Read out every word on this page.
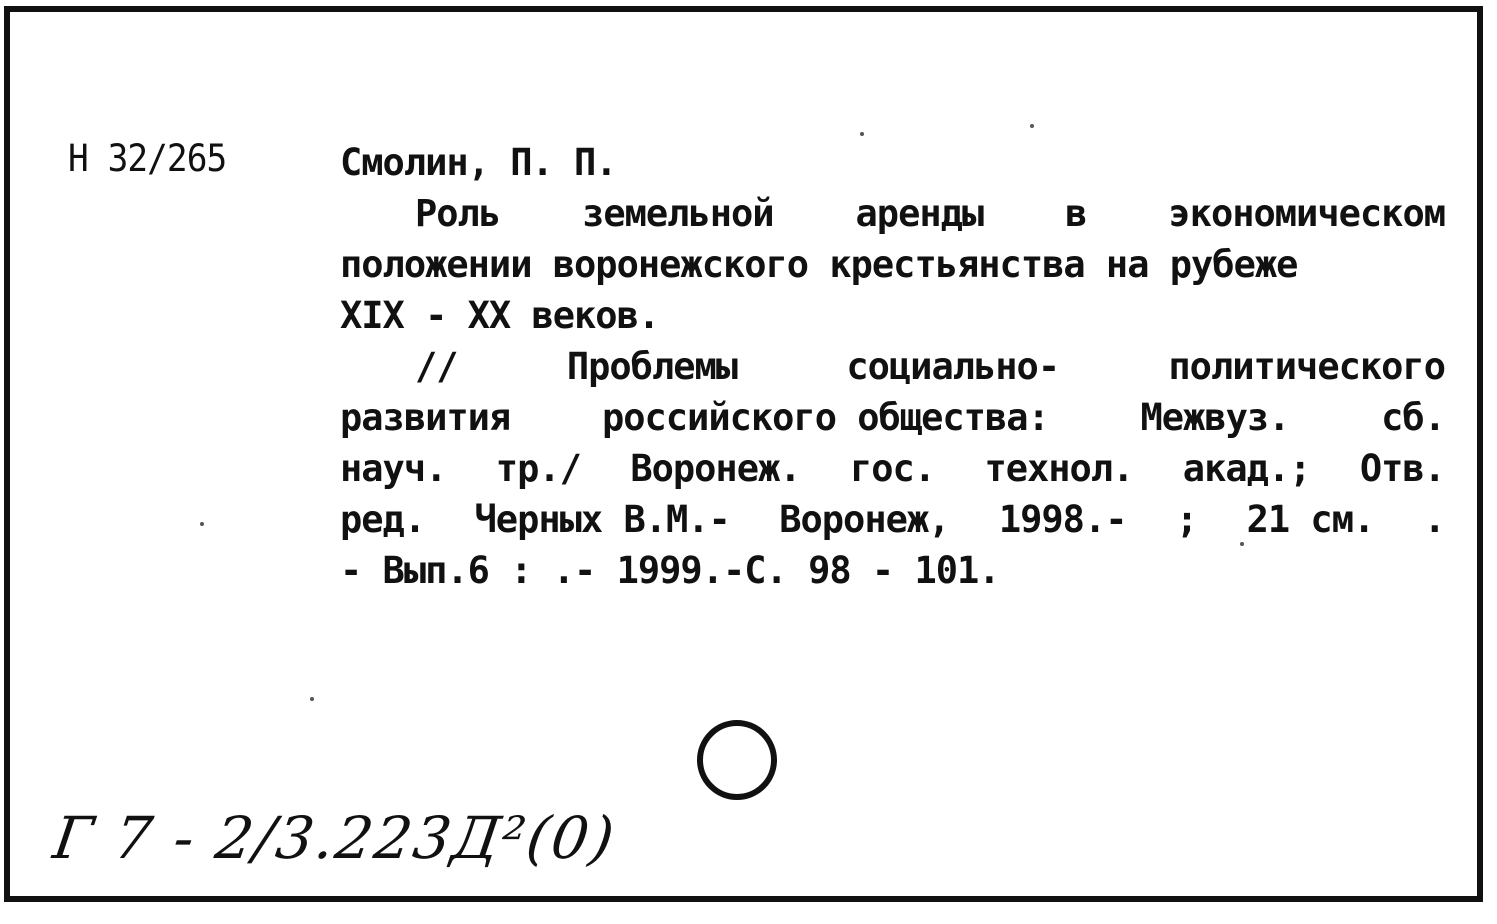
Н 32/265	Смолин, П. П.
Роль земельной аренды в экономическом
положении воронежского крестьянства на рубеже
XIX - XX веков.
//	Проблемы	социально-	политического
развития российского общества: Межвуз. сб.
науч. тр./ Воронеж. гос. технол. акад.; Отв.
ред. Черных В.М.- Воронеж, 1998.- ; 21 см. .
- Вып.6 : .- 1999.-С. 98 - 101.
Г 7 - 2/3.223Д²(0)
